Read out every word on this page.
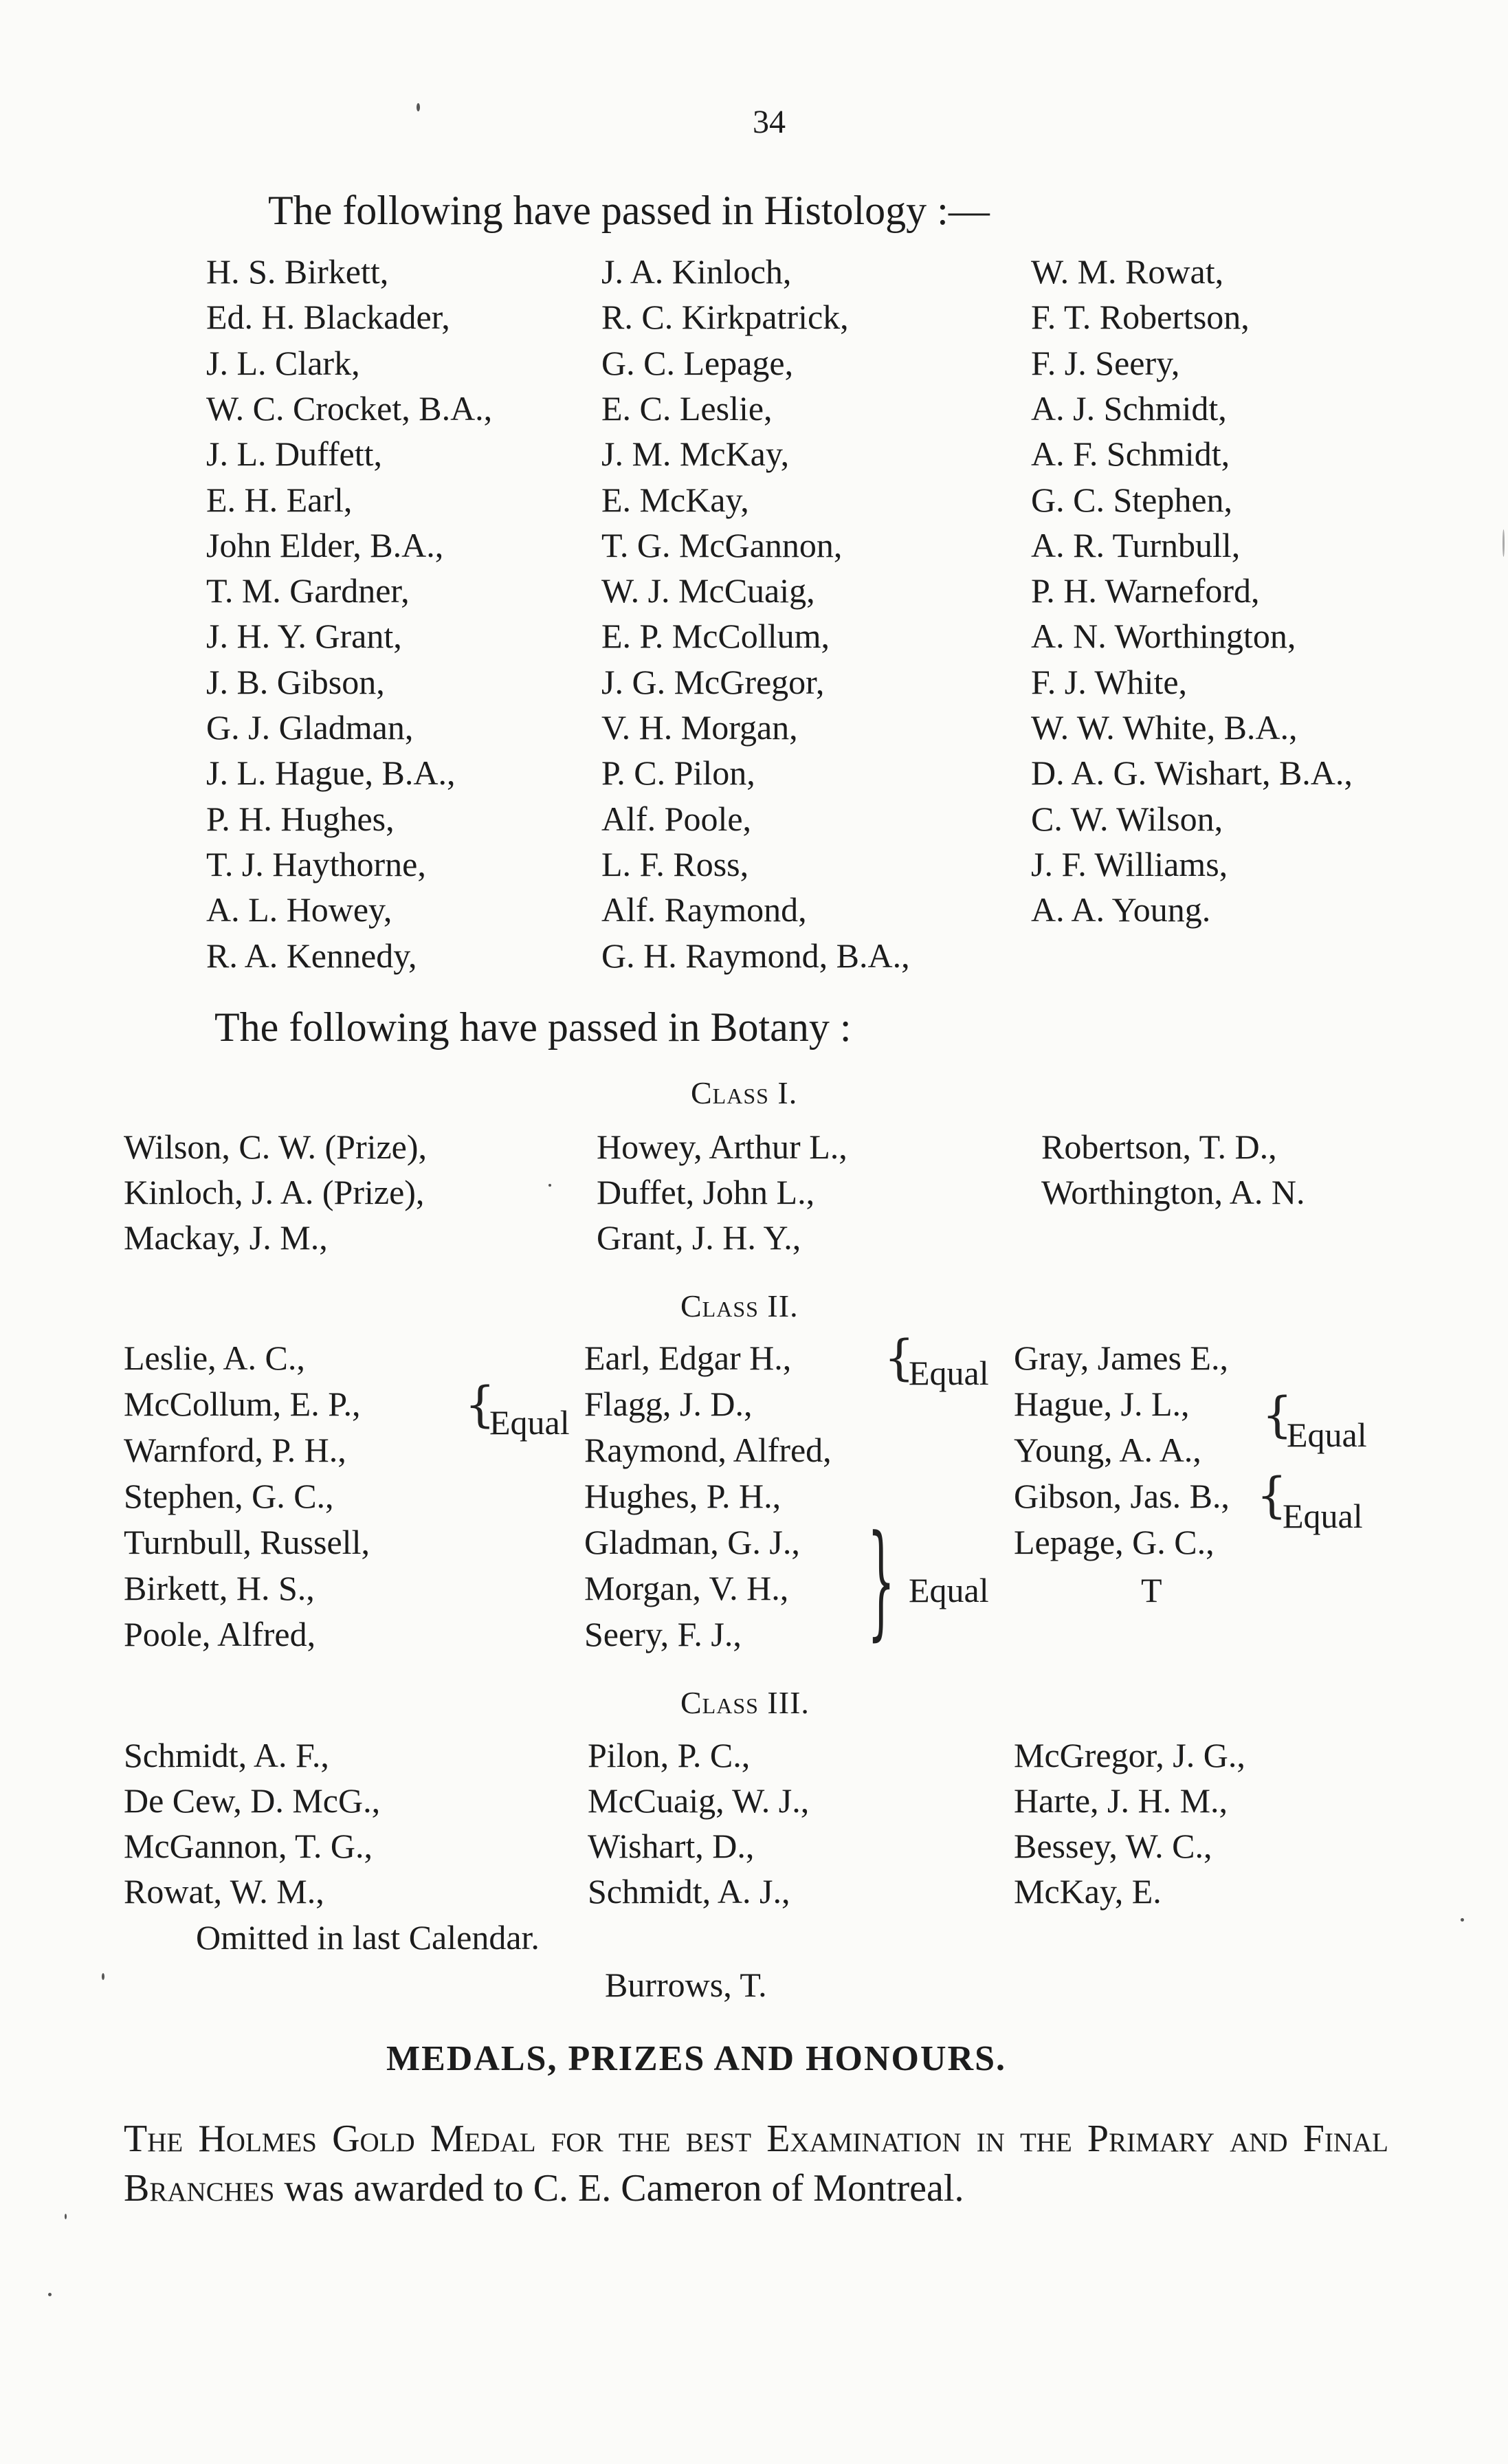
34
The following have passed in Histology :—
H. S. Birkett,
Ed. H. Blackader,
J. L. Clark,
W. C. Crocket, B.A.,
J. L. Duffett,
E. H. Earl,
John Elder, B.A.,
T. M. Gardner,
J. H. Y. Grant,
J. B. Gibson,
G. J. Gladman,
J. L. Hague, B.A.,
P. H. Hughes,
T. J. Haythorne,
A. L. Howey,
R. A. Kennedy,
J. A. Kinloch,
R. C. Kirkpatrick,
G. C. Lepage,
E. C. Leslie,
J. M. McKay,
E. McKay,
T. G. McGannon,
W. J. McCuaig,
E. P. McCollum,
J. G. McGregor,
V. H. Morgan,
P. C. Pilon,
Alf. Poole,
L. F. Ross,
Alf. Raymond,
G. H. Raymond, B.A.,
W. M. Rowat,
F. T. Robertson,
F. J. Seery,
A. J. Schmidt,
A. F. Schmidt,
G. C. Stephen,
A. R. Turnbull,
P. H. Warneford,
A. N. Worthington,
F. J. White,
W. W. White, B.A.,
D. A. G. Wishart, B.A.,
C. W. Wilson,
J. F. Williams,
A. A. Young.
The following have passed in Botany :
Class I.
Wilson, C. W. (Prize),
Kinloch, J. A. (Prize),
Mackay, J. M.,
Howey, Arthur L.,
Duffet, John L.,
Grant, J. H. Y.,
Robertson, T. D.,
Worthington, A. N.
Class II.
Leslie, A. C.,
McCollum, E. P.,
Warnford, P. H.,
Stephen, G. C.,
Turnbull, Russell,
Birkett, H. S.,
Poole, Alfred,
Earl, Edgar H.,
Flagg, J. D.,
Raymond, Alfred,
Hughes, P. H.,
Gladman, G. J.,
Morgan, V. H.,
Seery, F. J.,
Gray, James E.,
Hague, J. L.,
Young, A. A.,
Gibson, Jas. B.,
Lepage, G. C.,
{
Equal
{
Equal
{
Equal
{
Equal
} Equal	T
Class III.
Schmidt, A. F.,
De Cew, D. McG.,
McGannon, T. G.,
Rowat, W. M.,
Pilon, P. C.,
McCuaig, W. J.,
Wishart, D.,
Schmidt, A. J.,
McGregor, J. G.,
Harte, J. H. M.,
Bessey, W. C.,
McKay, E.
Omitted in last Calendar.
Burrows, T.
MEDALS, PRIZES AND HONOURS.
The Holmes Gold Medal for the best Examination in the Primary and Final Branches was awarded to C. E. Cameron of Montreal.
